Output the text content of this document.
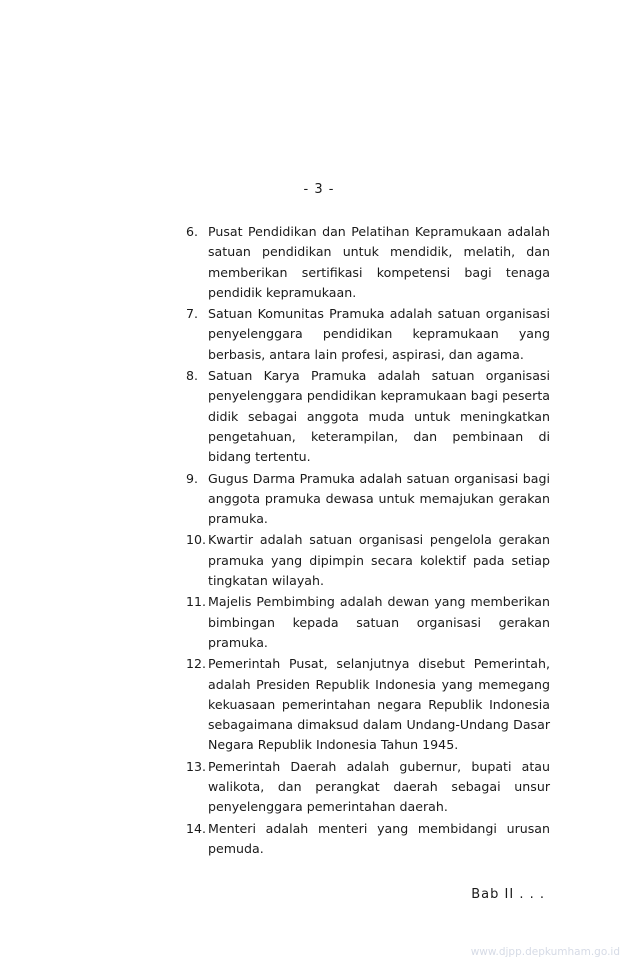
- 3 -
6. Pusat Pendidikan dan Pelatihan Kepramukaan adalah satuan pendidikan untuk mendidik, melatih, dan memberikan sertifikasi kompetensi bagi tenaga pendidik kepramukaan.
7. Satuan Komunitas Pramuka adalah satuan organisasi penyelenggara pendidikan kepramukaan yang berbasis, antara lain profesi, aspirasi, dan agama.
8. Satuan Karya Pramuka adalah satuan organisasi penyelenggara pendidikan kepramukaan bagi peserta didik sebagai anggota muda untuk meningkatkan pengetahuan, keterampilan, dan pembinaan di bidang tertentu.
9. Gugus Darma Pramuka adalah satuan organisasi bagi anggota pramuka dewasa untuk memajukan gerakan pramuka.
10. Kwartir adalah satuan organisasi pengelola gerakan pramuka yang dipimpin secara kolektif pada setiap tingkatan wilayah.
11. Majelis Pembimbing adalah dewan yang memberikan bimbingan kepada satuan organisasi gerakan pramuka.
12. Pemerintah Pusat, selanjutnya disebut Pemerintah, adalah Presiden Republik Indonesia yang memegang kekuasaan pemerintahan negara Republik Indonesia sebagaimana dimaksud dalam Undang-Undang Dasar Negara Republik Indonesia Tahun 1945.
13. Pemerintah Daerah adalah gubernur, bupati atau walikota, dan perangkat daerah sebagai unsur penyelenggara pemerintahan daerah.
14. Menteri adalah menteri yang membidangi urusan pemuda.
Bab II . . .
www.djpp.depkumham.go.id
